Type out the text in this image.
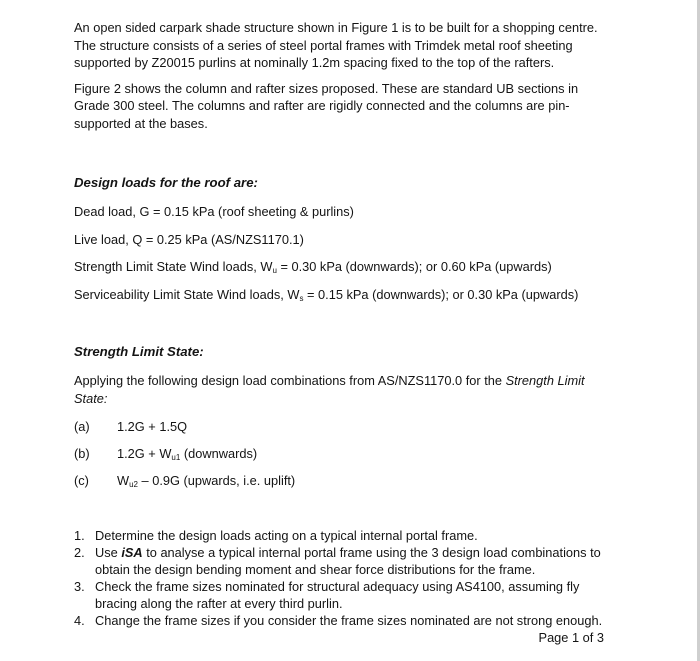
An open sided carpark shade structure shown in Figure 1 is to be built for a shopping centre. The structure consists of a series of steel portal frames with Trimdek metal roof sheeting supported by Z20015 purlins at nominally 1.2m spacing fixed to the top of the rafters.

Figure 2 shows the column and rafter sizes proposed. These are standard UB sections in Grade 300 steel. The columns and rafter are rigidly connected and the columns are pin-supported at the bases.

Design loads for the roof are:

Dead load, G = 0.15 kPa (roof sheeting & purlins)
Live load, Q = 0.25 kPa (AS/NZS1170.1)
Strength Limit State Wind loads, $W_u = 0.30$ kPa (downwards); or 0.60 kPa (upwards)
Serviceability Limit State Wind loads, $W_s = 0.15$ kPa (downwards); or 0.30 kPa (upwards)

Strength Limit State:

Applying the following design load combinations from AS/NZS1170.0 for the Strength Limit State:

(a) 1.2G + 1.5Q
(b) $1.2G + W_{u1}$ (downwards)
(c) $W_{u2} - 0.9G$ (upwards, i.e. uplift)
1. Determine the design loads acting on a typical internal portal frame.
2. Use iSA to analyse a typical internal portal frame using the 3 design load combinations to obtain the design bending moment and shear force distributions for the frame.
3. Check the frame sizes nominated for structural adequacy using AS4100, assuming fly bracing along the rafter at every third purlin.
4. Change the frame sizes if you consider the frame sizes nominated are not strong enough.
Page 1 of 3
